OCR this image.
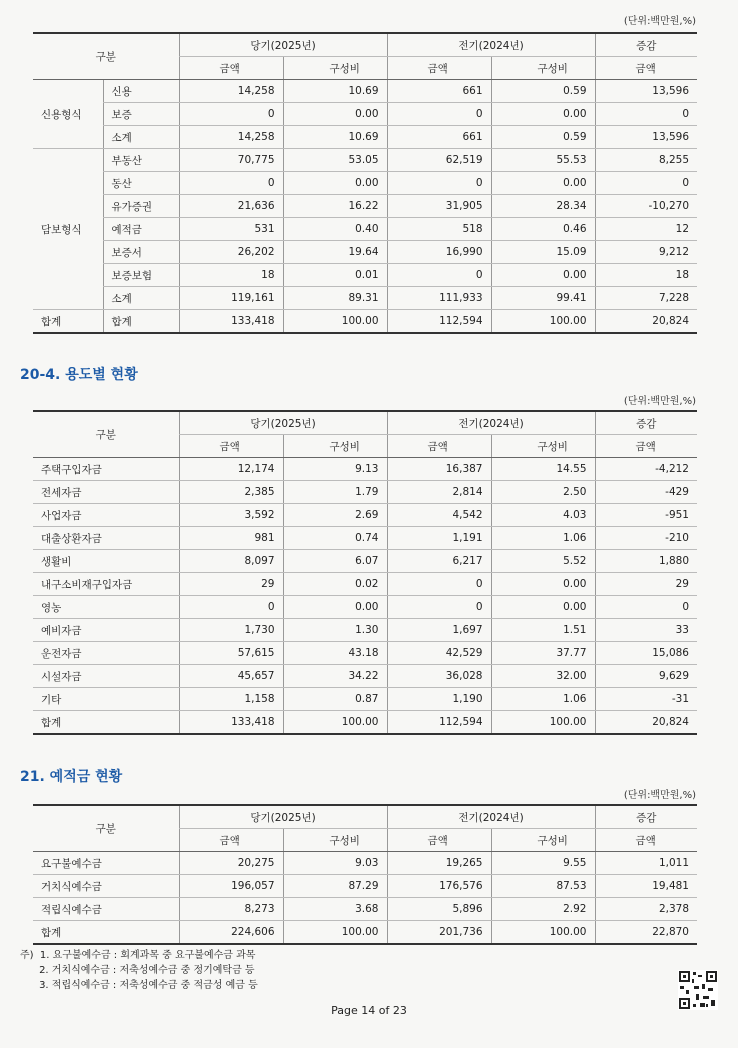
(단위:백만원,%)
구분		당기(2025년)		전기(2024년)		증감
		금액	구성비	금액	구성비	금액
신용형식	신용	14,258	10.69	661	0.59	13,596
	보증	0	0.00	0	0.00	0
	소계	14,258	10.69	661	0.59	13,596
담보형식	부동산	70,775	53.05	62,519	55.53	8,255
	동산	0	0.00	0	0.00	0
	유가증권	21,636	16.22	31,905	28.34	-10,270
	예적금	531	0.40	518	0.46	12
	보증서	26,202	19.64	16,990	15.09	9,212
	보증보험	18	0.01	0	0.00	18
	소계	119,161	89.31	111,933	99.41	7,228
합계	합계	133,418	100.00	112,594	100.00	20,824
20-4. 용도별 현황
(단위:백만원,%)
구분	당기(2025년)		전기(2024년)		증감
	금액	구성비	금액	구성비	금액
주택구입자금	12,174	9.13	16,387	14.55	-4,212
전세자금	2,385	1.79	2,814	2.50	-429
사업자금	3,592	2.69	4,542	4.03	-951
대출상환자금	981	0.74	1,191	1.06	-210
생활비	8,097	6.07	6,217	5.52	1,880
내구소비재구입자금	29	0.02	0	0.00	29
영농	0	0.00	0	0.00	0
예비자금	1,730	1.30	1,697	1.51	33
운전자금	57,615	43.18	42,529	37.77	15,086
시설자금	45,657	34.22	36,028	32.00	9,629
기타	1,158	0.87	1,190	1.06	-31
합계	133,418	100.00	112,594	100.00	20,824
21. 예적금 현황
(단위:백만원,%)
구분	당기(2025년)		전기(2024년)		증감
	금액	구성비	금액	구성비	금액
요구불예수금	20,275	9.03	19,265	9.55	1,011
거치식예수금	196,057	87.29	176,576	87.53	19,481
적립식예수금	8,273	3.68	5,896	2.92	2,378
합계	224,606	100.00	201,736	100.00	22,870
주)  1. 요구불예수금 : 회계과목 중 요구불예수금 과목
2. 거치식예수금 : 저축성예수금 중 정기예탁금 등
3. 적립식예수금 : 저축성예수금 중 적금성 예금 등
Page 14 of 23
